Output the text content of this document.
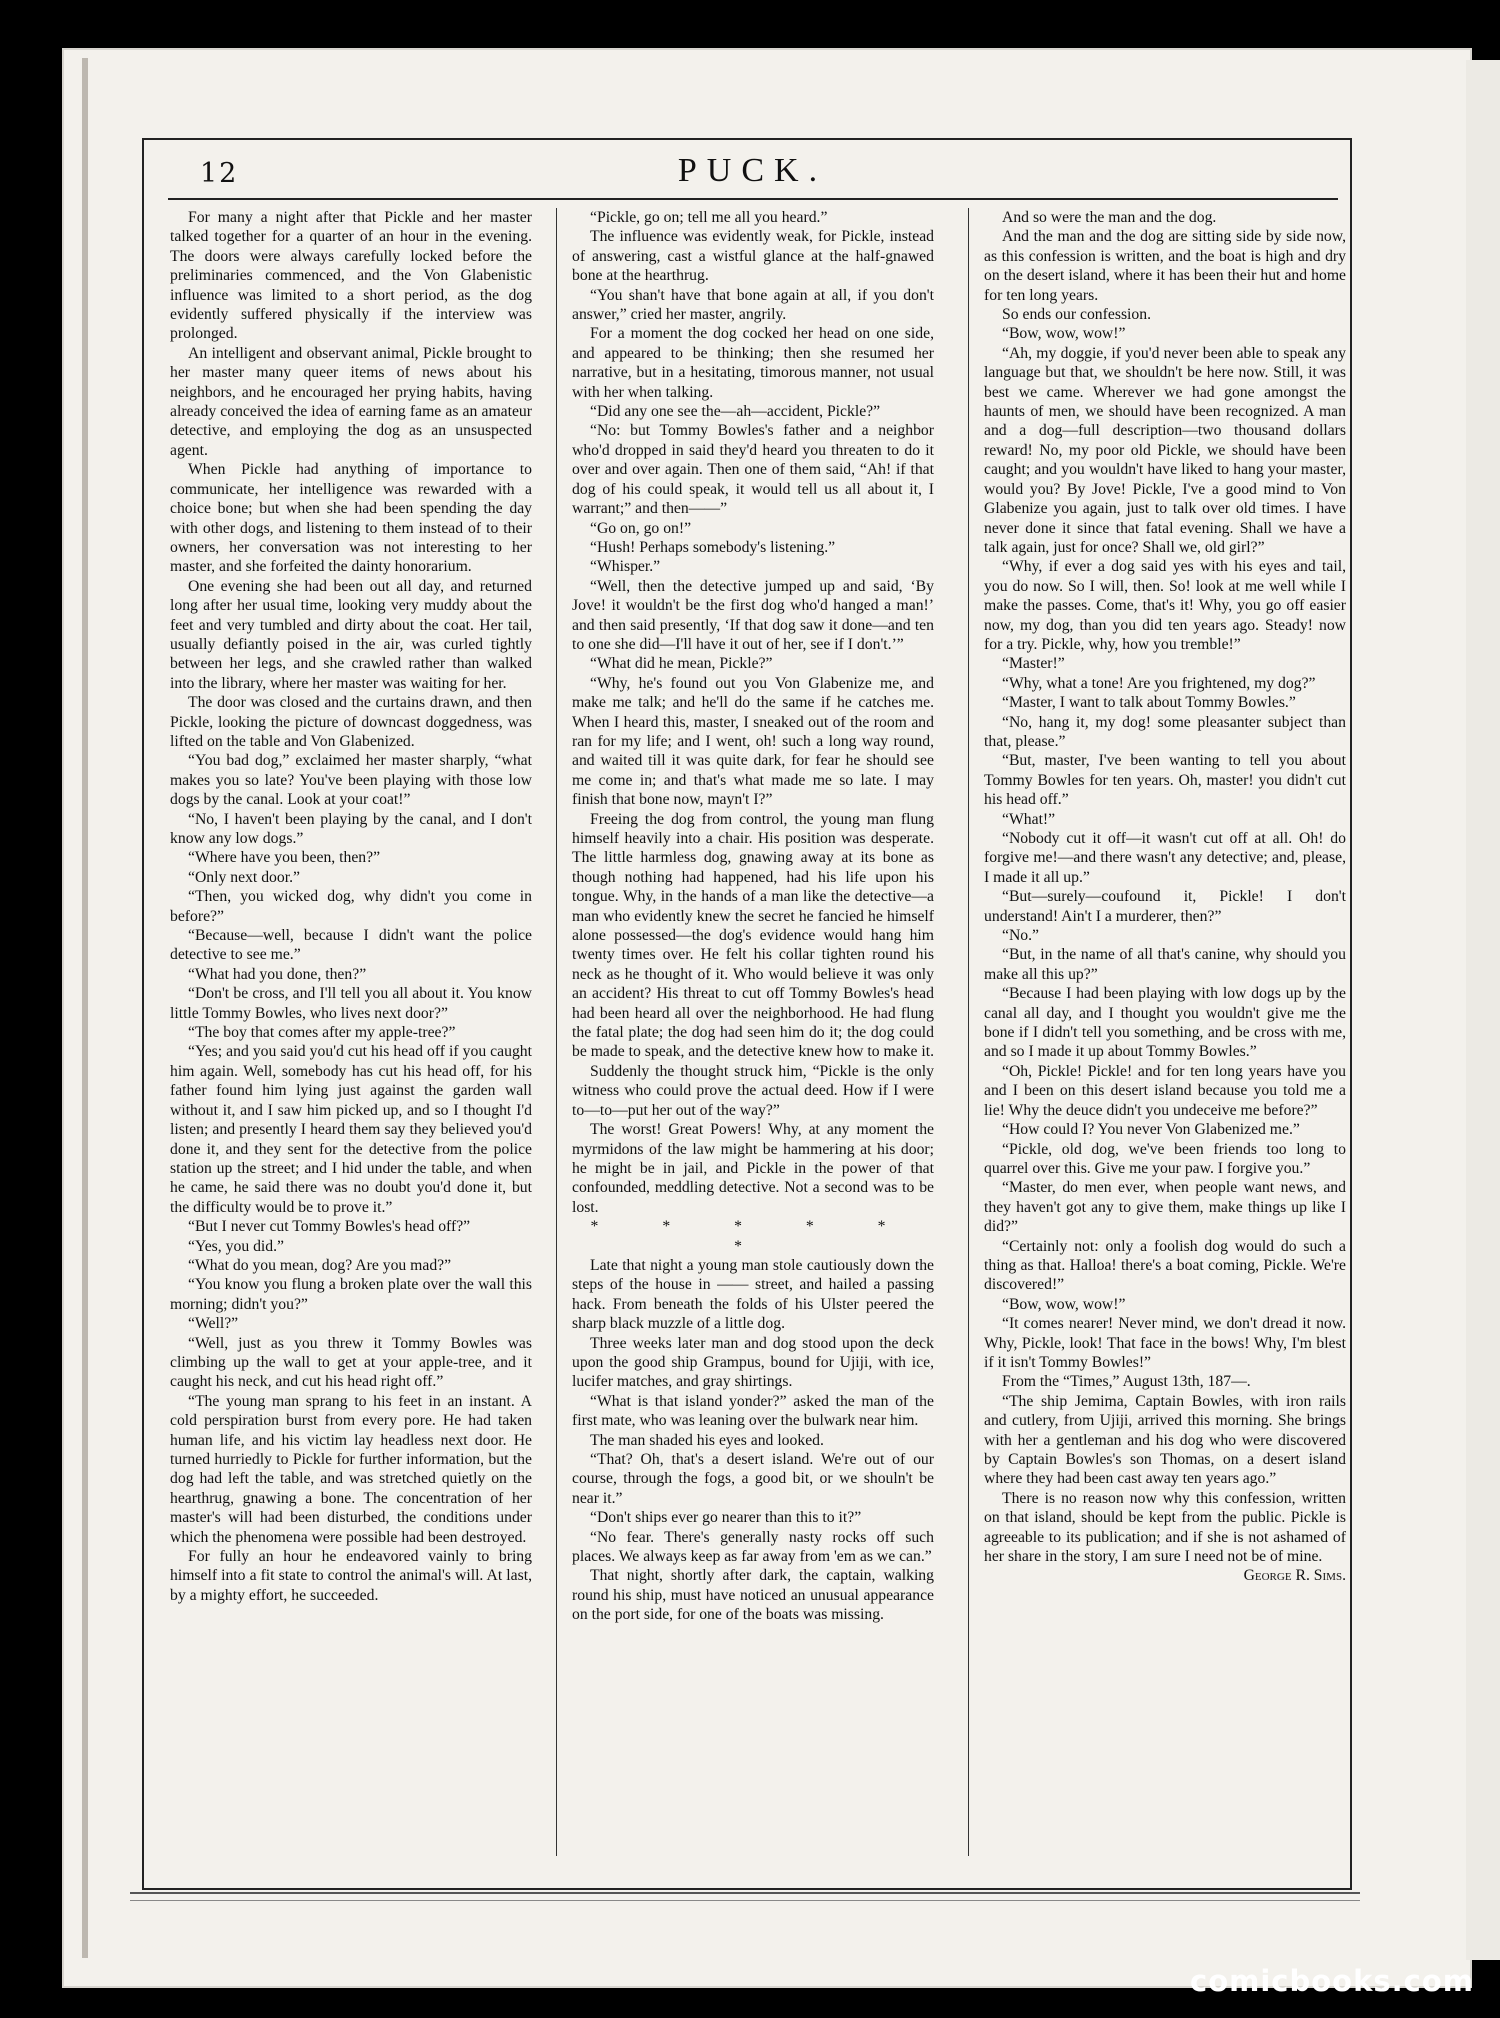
12	PUCK.

For many a night after that Pickle and her master talked together for a quarter of an hour in the evening. The doors were always carefully locked before the preliminaries commenced, and the Von Glabenistic influence was limited to a short period, as the dog evidently suffered physically if the interview was prolonged.

An intelligent and observant animal, Pickle brought to her master many queer items of news about his neighbors, and he encouraged her prying habits, having already conceived the idea of earning fame as an amateur detective, and employing the dog as an unsuspected agent.

When Pickle had anything of importance to communicate, her intelligence was rewarded with a choice bone; but when she had been spending the day with other dogs, and listening to them instead of to their owners, her conversation was not interesting to her master, and she forfeited the dainty honorarium.

One evening she had been out all day, and returned long after her usual time, looking very muddy about the feet and very tumbled and dirty about the coat. Her tail, usually defiantly poised in the air, was curled tightly between her legs, and she crawled rather than walked into the library, where her master was waiting for her.

The door was closed and the curtains drawn, and then Pickle, looking the picture of downcast doggedness, was lifted on the table and Von Glabenized.

“You bad dog,” exclaimed her master sharply, “what makes you so late? You've been playing with those low dogs by the canal. Look at your coat!”

“No, I haven't been playing by the canal, and I don't know any low dogs.”

“Where have you been, then?”

“Only next door.”

“Then, you wicked dog, why didn't you come in before?”

“Because—well, because I didn't want the police detective to see me.”

“What had you done, then?”

“Don't be cross, and I'll tell you all about it. You know little Tommy Bowles, who lives next door?”

“The boy that comes after my apple-tree?”

“Yes; and you said you'd cut his head off if you caught him again. Well, somebody has cut his head off, for his father found him lying just against the garden wall without it, and I saw him picked up, and so I thought I'd listen; and presently I heard them say they believed you'd done it, and they sent for the detective from the police station up the street; and I hid under the table, and when he came, he said there was no doubt you'd done it, but the difficulty would be to prove it.”

“But I never cut Tommy Bowles's head off?”

“Yes, you did.”

“What do you mean, dog? Are you mad?”

“You know you flung a broken plate over the wall this morning; didn't you?”

“Well?”

“Well, just as you threw it Tommy Bowles was climbing up the wall to get at your apple-tree, and it caught his neck, and cut his head right off.”

“The young man sprang to his feet in an instant. A cold perspiration burst from every pore. He had taken human life, and his victim lay headless next door. He turned hurriedly to Pickle for further information, but the dog had left the table, and was stretched quietly on the hearthrug, gnawing a bone. The concentration of her master's will had been disturbed, the conditions under which the phenomena were possible had been destroyed.

For fully an hour he endeavored vainly to bring himself into a fit state to control the animal's will. At last, by a mighty effort, he succeeded.

“Pickle, go on; tell me all you heard.”

The influence was evidently weak, for Pickle, instead of answering, cast a wistful glance at the half-gnawed bone at the hearthrug.

“You shan't have that bone again at all, if you don't answer,” cried her master, angrily.

For a moment the dog cocked her head on one side, and appeared to be thinking; then she resumed her narrative, but in a hesitating, timorous manner, not usual with her when talking.

“Did any one see the—ah—accident, Pickle?”

“No: but Tommy Bowles's father and a neighbor who'd dropped in said they'd heard you threaten to do it over and over again. Then one of them said, “Ah! if that dog of his could speak, it would tell us all about it, I warrant;” and then——”

“Go on, go on!”

“Hush! Perhaps somebody's listening.”

“Whisper.”

“Well, then the detective jumped up and said, ‘By Jove! it wouldn't be the first dog who'd hanged a man!’ and then said presently, ‘If that dog saw it done—and ten to one she did—I'll have it out of her, see if I don't.’”

“What did he mean, Pickle?”

“Why, he's found out you Von Glabenize me, and make me talk; and he'll do the same if he catches me. When I heard this, master, I sneaked out of the room and ran for my life; and I went, oh! such a long way round, and waited till it was quite dark, for fear he should see me come in; and that's what made me so late. I may finish that bone now, mayn't I?”

Freeing the dog from control, the young man flung himself heavily into a chair. His position was desperate. The little harmless dog, gnawing away at its bone as though nothing had happened, had his life upon his tongue. Why, in the hands of a man like the detective—a man who evidently knew the secret he fancied he himself alone possessed—the dog's evidence would hang him twenty times over. He felt his collar tighten round his neck as he thought of it. Who would believe it was only an accident? His threat to cut off Tommy Bowles's head had been heard all over the neighborhood. He had flung the fatal plate; the dog had seen him do it; the dog could be made to speak, and the detective knew how to make it.

Suddenly the thought struck him, “Pickle is the only witness who could prove the actual deed. How if I were to—to—put her out of the way?”

The worst! Great Powers! Why, at any moment the myrmidons of the law might be hammering at his door; he might be in jail, and Pickle in the power of that confounded, meddling detective. Not a second was to be lost.

* * * * * *

Late that night a young man stole cautiously down the steps of the house in —— street, and hailed a passing hack. From beneath the folds of his Ulster peered the sharp black muzzle of a little dog.

Three weeks later man and dog stood upon the deck upon the good ship Grampus, bound for Ujiji, with ice, lucifer matches, and gray shirtings.

“What is that island yonder?” asked the man of the first mate, who was leaning over the bulwark near him.

The man shaded his eyes and looked.

“That? Oh, that's a desert island. We're out of our course, through the fogs, a good bit, or we shouln't be near it.”

“Don't ships ever go nearer than this to it?”

“No fear. There's generally nasty rocks off such places. We always keep as far away from 'em as we can.”

That night, shortly after dark, the captain, walking round his ship, must have noticed an unusual appearance on the port side, for one of the boats was missing.

And so were the man and the dog.

And the man and the dog are sitting side by side now, as this confession is written, and the boat is high and dry on the desert island, where it has been their hut and home for ten long years.

So ends our confession.

“Bow, wow, wow!”

“Ah, my doggie, if you'd never been able to speak any language but that, we shouldn't be here now. Still, it was best we came. Wherever we had gone amongst the haunts of men, we should have been recognized. A man and a dog—full description—two thousand dollars reward! No, my poor old Pickle, we should have been caught; and you wouldn't have liked to hang your master, would you? By Jove! Pickle, I've a good mind to Von Glabenize you again, just to talk over old times. I have never done it since that fatal evening. Shall we have a talk again, just for once? Shall we, old girl?”

“Why, if ever a dog said yes with his eyes and tail, you do now. So I will, then. So! look at me well while I make the passes. Come, that's it! Why, you go off easier now, my dog, than you did ten years ago. Steady! now for a try. Pickle, why, how you tremble!”

“Master!”

“Why, what a tone! Are you frightened, my dog?”

“Master, I want to talk about Tommy Bowles.”

“No, hang it, my dog! some pleasanter subject than that, please.”

“But, master, I've been wanting to tell you about Tommy Bowles for ten years. Oh, master! you didn't cut his head off.”

“What!”

“Nobody cut it off—it wasn't cut off at all. Oh! do forgive me!—and there wasn't any detective; and, please, I made it all up.”

“But—surely—coufound it, Pickle! I don't understand! Ain't I a murderer, then?”

“No.”

“But, in the name of all that's canine, why should you make all this up?”

“Because I had been playing with low dogs up by the canal all day, and I thought you wouldn't give me the bone if I didn't tell you something, and be cross with me, and so I made it up about Tommy Bowles.”

“Oh, Pickle! Pickle! and for ten long years have you and I been on this desert island because you told me a lie! Why the deuce didn't you undeceive me before?”

“How could I? You never Von Glabenized me.”

“Pickle, old dog, we've been friends too long to quarrel over this. Give me your paw. I forgive you.”

“Master, do men ever, when people want news, and they haven't got any to give them, make things up like I did?”

“Certainly not: only a foolish dog would do such a thing as that. Halloa! there's a boat coming, Pickle. We're discovered!”

“Bow, wow, wow!”

“It comes nearer! Never mind, we don't dread it now. Why, Pickle, look! That face in the bows! Why, I'm blest if it isn't Tommy Bowles!”

From the “Times,” August 13th, 187—.

“The ship Jemima, Captain Bowles, with iron rails and cutlery, from Ujiji, arrived this morning. She brings with her a gentleman and his dog who were discovered by Captain Bowles's son Thomas, on a desert island where they had been cast away ten years ago.”

There is no reason now why this confession, written on that island, should be kept from the public. Pickle is agreeable to its publication; and if she is not ashamed of her share in the story, I am sure I need not be of mine.

George R. Sims.

comicbooks.com
